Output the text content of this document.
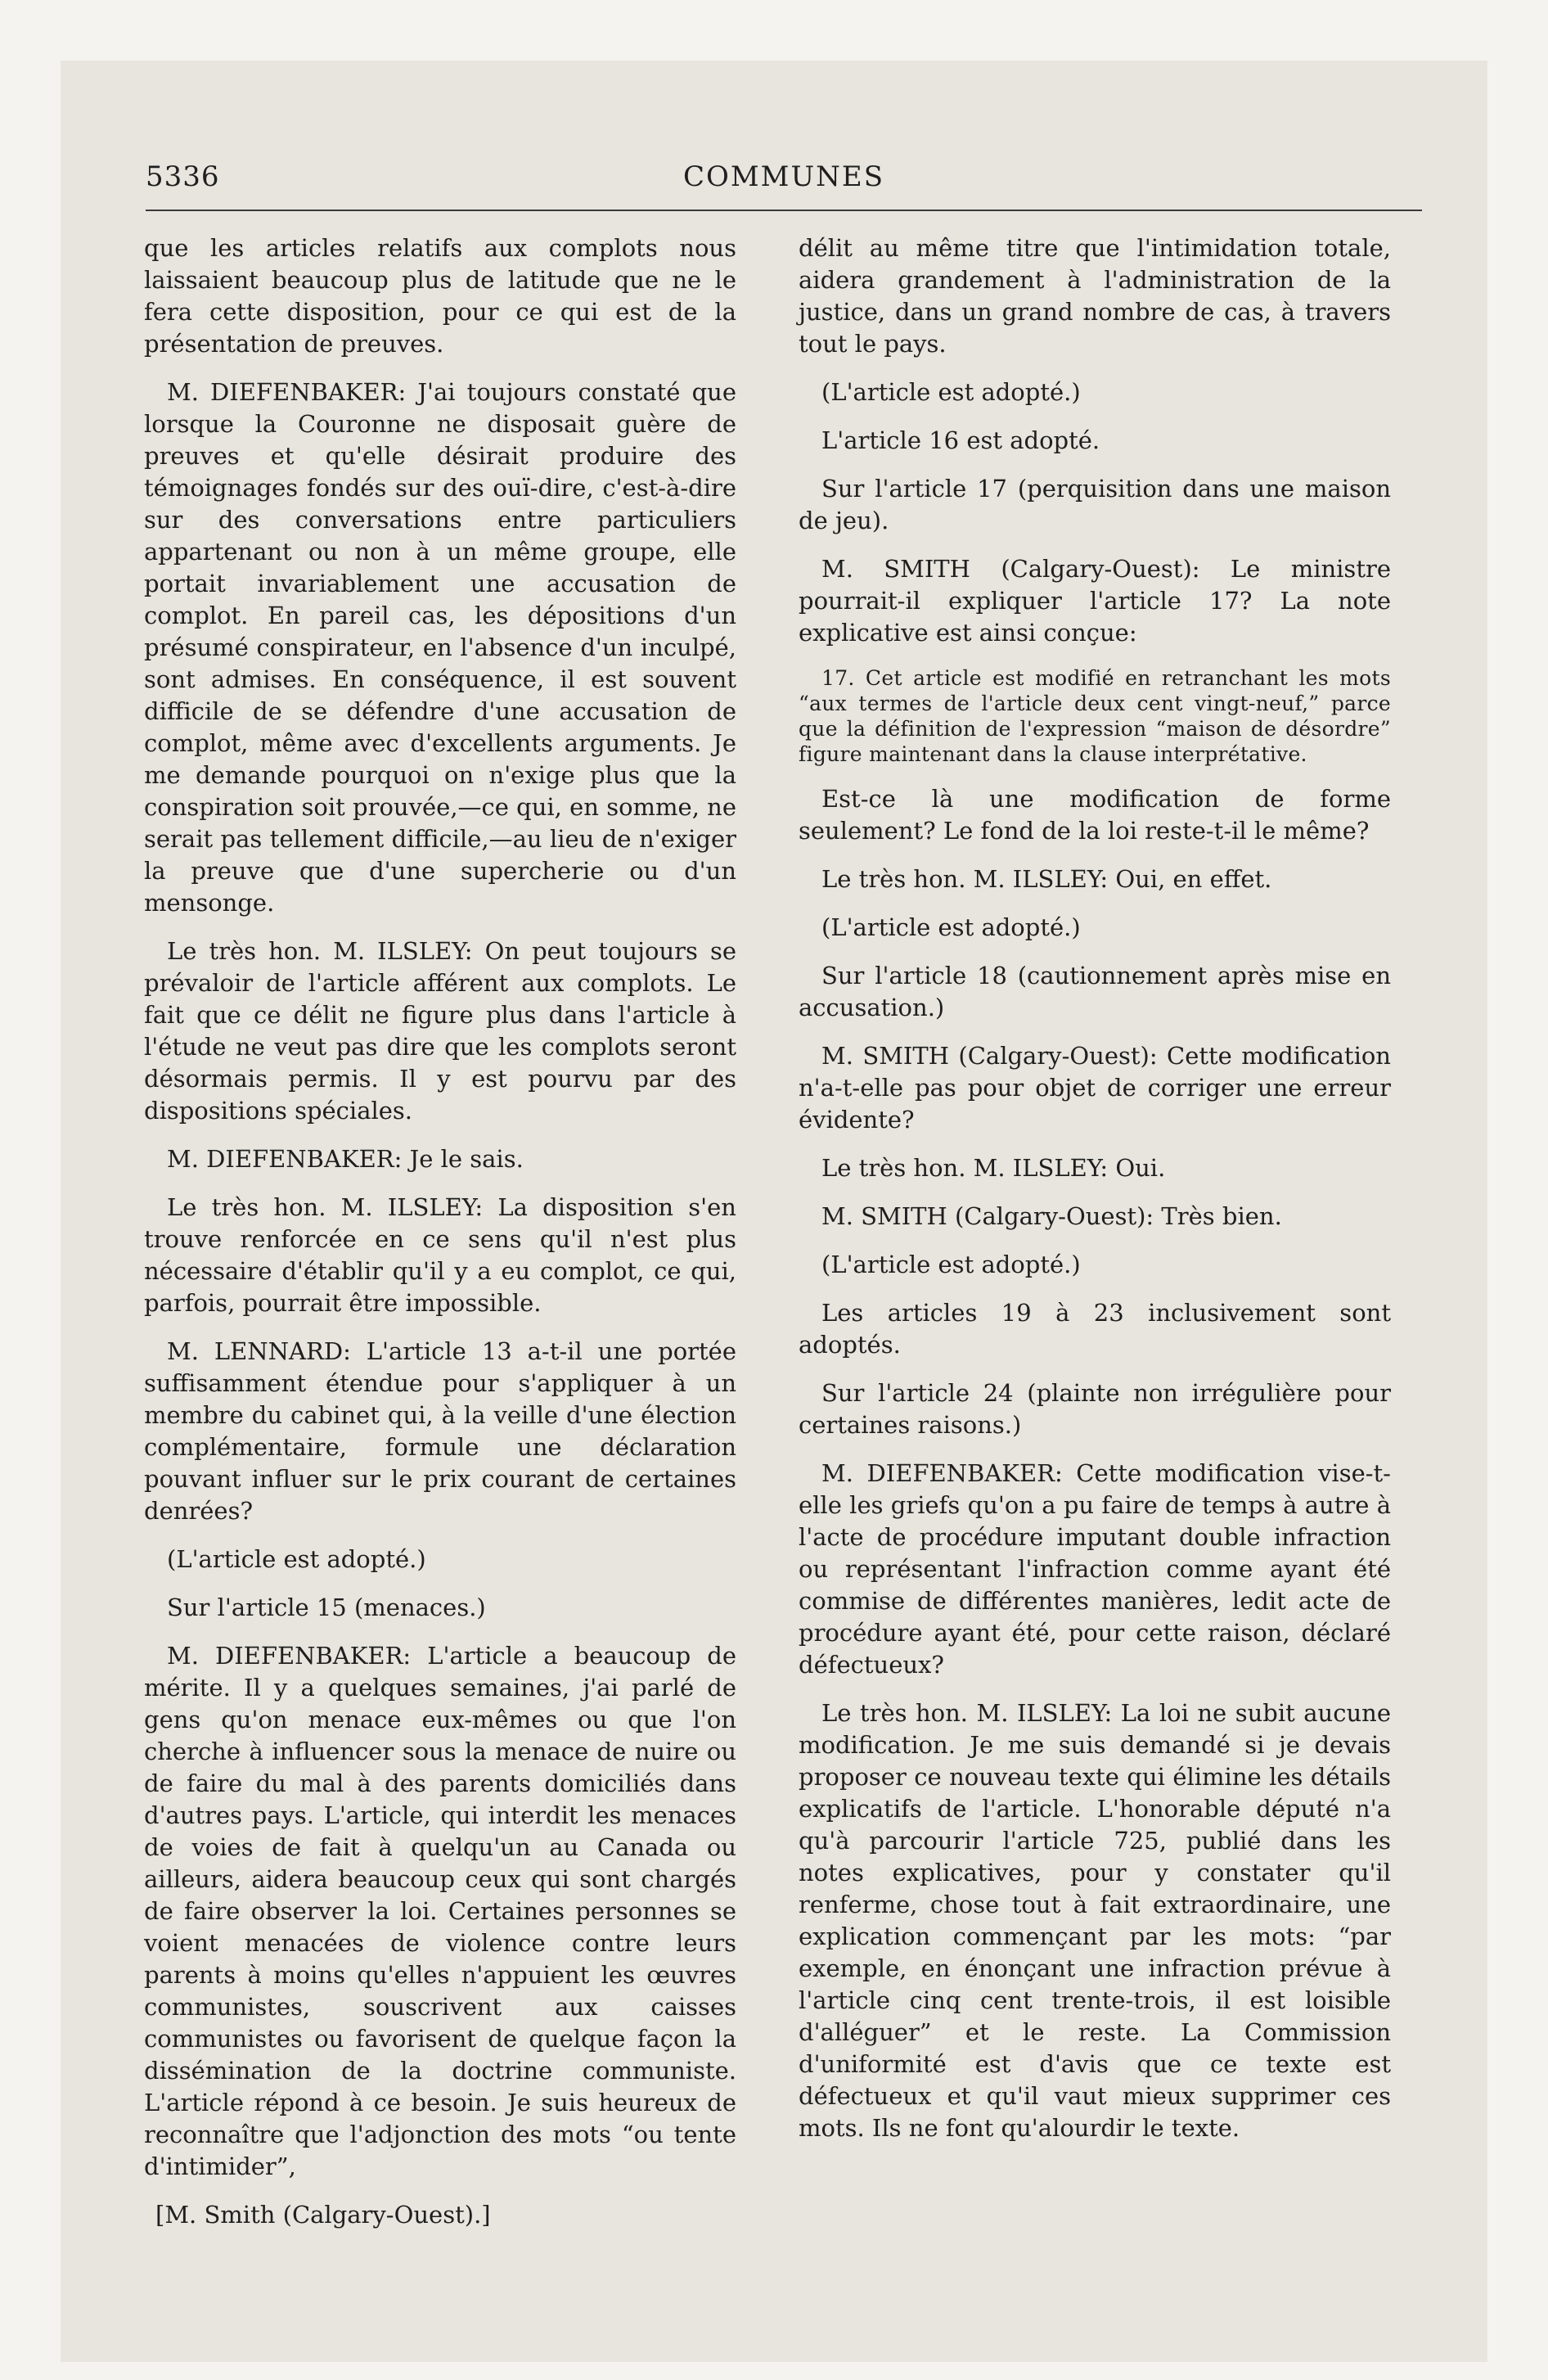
5336	COMMUNES

que les articles relatifs aux complots nous laissaient beaucoup plus de latitude que ne le fera cette disposition, pour ce qui est de la présentation de preuves.

M. DIEFENBAKER: J'ai toujours constaté que lorsque la Couronne ne disposait guère de preuves et qu'elle désirait produire des témoignages fondés sur des ouï-dire, c'est-à-dire sur des conversations entre particuliers appartenant ou non à un même groupe, elle portait invariablement une accusation de complot. En pareil cas, les dépositions d'un présumé conspirateur, en l'absence d'un inculpé, sont admises. En conséquence, il est souvent difficile de se défendre d'une accusation de complot, même avec d'excellents arguments. Je me demande pourquoi on n'exige plus que la conspiration soit prouvée,—ce qui, en somme, ne serait pas tellement difficile,—au lieu de n'exiger la preuve que d'une supercherie ou d'un mensonge.

Le très hon. M. ILSLEY: On peut toujours se prévaloir de l'article afférent aux complots. Le fait que ce délit ne figure plus dans l'article à l'étude ne veut pas dire que les complots seront désormais permis. Il y est pourvu par des dispositions spéciales.

M. DIEFENBAKER: Je le sais.

Le très hon. M. ILSLEY: La disposition s'en trouve renforcée en ce sens qu'il n'est plus nécessaire d'établir qu'il y a eu complot, ce qui, parfois, pourrait être impossible.

M. LENNARD: L'article 13 a-t-il une portée suffisamment étendue pour s'appliquer à un membre du cabinet qui, à la veille d'une élection complémentaire, formule une déclaration pouvant influer sur le prix courant de certaines denrées?

(L'article est adopté.)

Sur l'article 15 (menaces.)

M. DIEFENBAKER: L'article a beaucoup de mérite. Il y a quelques semaines, j'ai parlé de gens qu'on menace eux-mêmes ou que l'on cherche à influencer sous la menace de nuire ou de faire du mal à des parents domiciliés dans d'autres pays. L'article, qui interdit les menaces de voies de fait à quelqu'un au Canada ou ailleurs, aidera beaucoup ceux qui sont chargés de faire observer la loi. Certaines personnes se voient menacées de violence contre leurs parents à moins qu'elles n'appuient les œuvres communistes, souscrivent aux caisses communistes ou favorisent de quelque façon la dissémination de la doctrine communiste. L'article répond à ce besoin. Je suis heureux de reconnaître que l'adjonction des mots “ou tente d'intimider”,

[M. Smith (Calgary-Ouest).]

délit au même titre que l'intimidation totale, aidera grandement à l'administration de la justice, dans un grand nombre de cas, à travers tout le pays.

(L'article est adopté.)

L'article 16 est adopté.

Sur l'article 17 (perquisition dans une maison de jeu).

M. SMITH (Calgary-Ouest): Le ministre pourrait-il expliquer l'article 17? La note explicative est ainsi conçue:

17. Cet article est modifié en retranchant les mots “aux termes de l'article deux cent vingt-neuf,” parce que la définition de l'expression “maison de désordre” figure maintenant dans la clause interprétative.

Est-ce là une modification de forme seulement? Le fond de la loi reste-t-il le même?

Le très hon. M. ILSLEY: Oui, en effet.

(L'article est adopté.)

Sur l'article 18 (cautionnement après mise en accusation.)

M. SMITH (Calgary-Ouest): Cette modification n'a-t-elle pas pour objet de corriger une erreur évidente?

Le très hon. M. ILSLEY: Oui.

M. SMITH (Calgary-Ouest): Très bien.

(L'article est adopté.)

Les articles 19 à 23 inclusivement sont adoptés.

Sur l'article 24 (plainte non irrégulière pour certaines raisons.)

M. DIEFENBAKER: Cette modification vise-t-elle les griefs qu'on a pu faire de temps à autre à l'acte de procédure imputant double infraction ou représentant l'infraction comme ayant été commise de différentes manières, ledit acte de procédure ayant été, pour cette raison, déclaré défectueux?

Le très hon. M. ILSLEY: La loi ne subit aucune modification. Je me suis demandé si je devais proposer ce nouveau texte qui élimine les détails explicatifs de l'article. L'honorable député n'a qu'à parcourir l'article 725, publié dans les notes explicatives, pour y constater qu'il renferme, chose tout à fait extraordinaire, une explication commençant par les mots: “par exemple, en énonçant une infraction prévue à l'article cinq cent trente-trois, il est loisible d'alléguer” et le reste. La Commission d'uniformité est d'avis que ce texte est défectueux et qu'il vaut mieux supprimer ces mots. Ils ne font qu'alourdir le texte.
